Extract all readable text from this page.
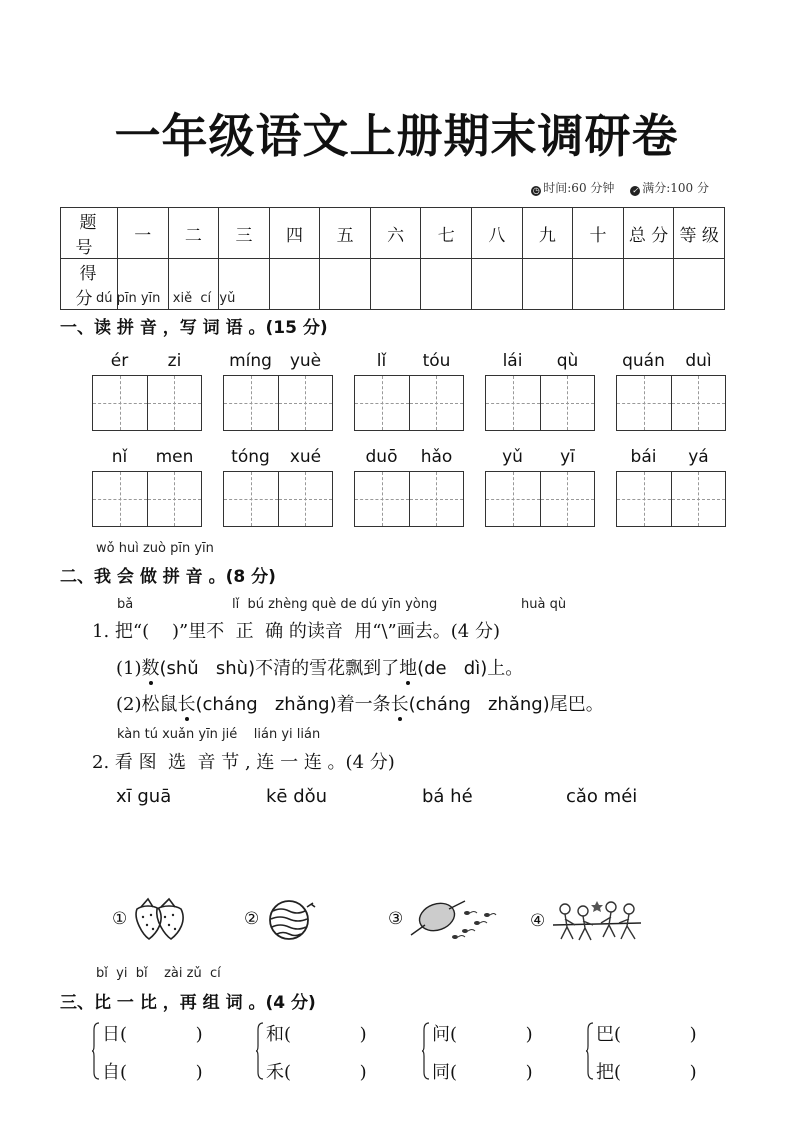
一年级语文上册期末调研卷
◷ 时间:60 分钟 ✓ 满分:100 分
题 号	一	二	三	四	五	六	七	八	九	十	总 分	等 级
得 分												
dú pīn yīn   xiě  cí  yǔ
一、读 拼 音 ，写 词 语 。(15 分)
ér	zi	míng	yuè	lǐ	tóu	lái	qù	quán	duì
nǐ	men	tóng	xué	duō	hǎo	yǔ	yī	bái	yá
wǒ huì zuò pīn yīn
二、我 会 做 拼 音 。(8 分)
bǎ	lǐ  bú zhèng què de dú yīn yòng	huà qù
1. 把“(    )”里不  正  确 的读音  用“\”画去。(4 分)
(1)数(shǔ   shù)不清的雪花飘到了地(de   dì)上。
(2)松鼠长(cháng   zhǎng)着一条长(cháng   zhǎng)尾巴。
kàn tú xuǎn yīn jié    lián yi lián
2. 看 图  选  音 节 , 连 一 连 。(4 分)
xī guā	kē dǒu	bá hé	cǎo méi
①	②	③	④
bǐ  yi  bǐ    zài zǔ  cí
三、比 一 比 ，再 组 词 。(4 分)
日(            )
自(            )
和(            )
禾(            )
问(            )
同(            )
巴(            )
把(            )
